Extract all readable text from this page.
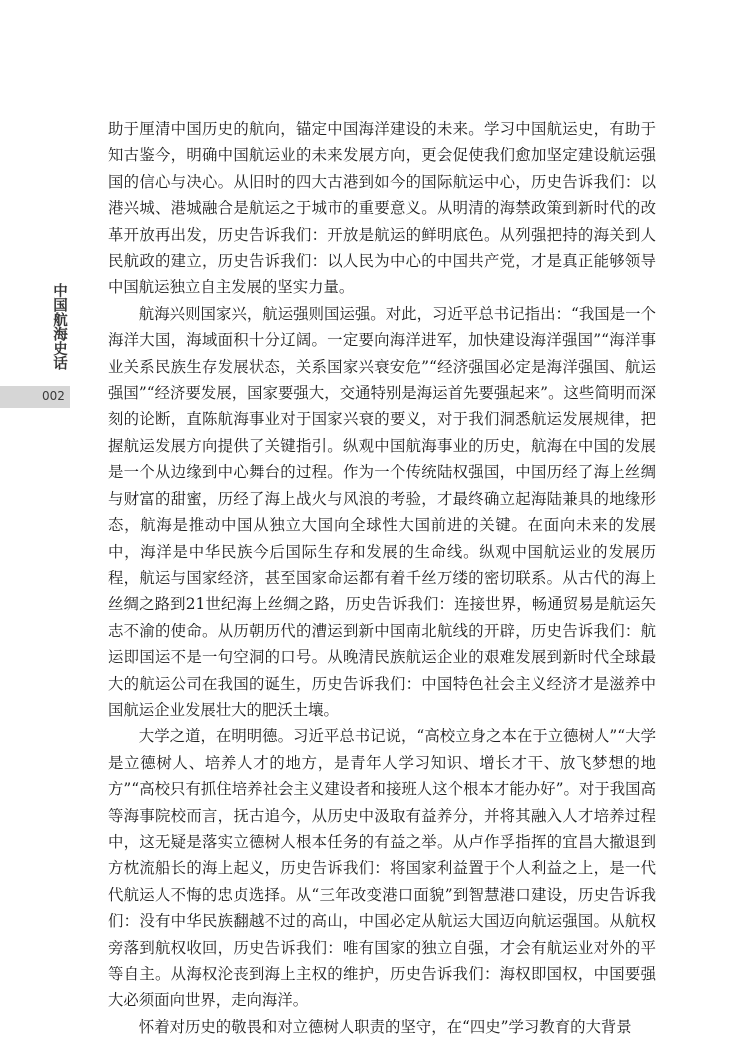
中国航海史话
002

助于厘清中国历史的航向，锚定中国海洋建设的未来。学习中国航运史，有助于知古鉴今，明确中国航运业的未来发展方向，更会促使我们愈加坚定建设航运强国的信心与决心。从旧时的四大古港到如今的国际航运中心，历史告诉我们：以港兴城、港城融合是航运之于城市的重要意义。从明清的海禁政策到新时代的改革开放再出发，历史告诉我们：开放是航运的鲜明底色。从列强把持的海关到人民航政的建立，历史告诉我们：以人民为中心的中国共产党，才是真正能够领导中国航运独立自主发展的坚实力量。

航海兴则国家兴，航运强则国运强。对此，习近平总书记指出：“我国是一个海洋大国，海域面积十分辽阔。一定要向海洋进军，加快建设海洋强国”“海洋事业关系民族生存发展状态，关系国家兴衰安危”“经济强国必定是海洋强国、航运强国”“经济要发展，国家要强大，交通特别是海运首先要强起来”。这些简明而深刻的论断，直陈航海事业对于国家兴衰的要义，对于我们洞悉航运发展规律，把握航运发展方向提供了关键指引。纵观中国航海事业的历史，航海在中国的发展是一个从边缘到中心舞台的过程。作为一个传统陆权强国，中国历经了海上丝绸与财富的甜蜜，历经了海上战火与风浪的考验，才最终确立起海陆兼具的地缘形态，航海是推动中国从独立大国向全球性大国前进的关键。在面向未来的发展中，海洋是中华民族今后国际生存和发展的生命线。纵观中国航运业的发展历程，航运与国家经济，甚至国家命运都有着千丝万缕的密切联系。从古代的海上丝绸之路到21世纪海上丝绸之路，历史告诉我们：连接世界，畅通贸易是航运矢志不渝的使命。从历朝历代的漕运到新中国南北航线的开辟，历史告诉我们：航运即国运不是一句空洞的口号。从晚清民族航运企业的艰难发展到新时代全球最大的航运公司在我国的诞生，历史告诉我们：中国特色社会主义经济才是滋养中国航运企业发展壮大的肥沃土壤。

大学之道，在明明德。习近平总书记说，“高校立身之本在于立德树人”“大学是立德树人、培养人才的地方，是青年人学习知识、增长才干、放飞梦想的地方”“高校只有抓住培养社会主义建设者和接班人这个根本才能办好”。对于我国高等海事院校而言，抚古追今，从历史中汲取有益养分，并将其融入人才培养过程中，这无疑是落实立德树人根本任务的有益之举。从卢作孚指挥的宜昌大撤退到方枕流船长的海上起义，历史告诉我们：将国家利益置于个人利益之上，是一代代航运人不悔的忠贞选择。从“三年改变港口面貌”到智慧港口建设，历史告诉我们：没有中华民族翻越不过的高山，中国必定从航运大国迈向航运强国。从航权旁落到航权收回，历史告诉我们：唯有国家的独立自强，才会有航运业对外的平等自主。从海权沦丧到海上主权的维护，历史告诉我们：海权即国权，中国要强大必须面向世界，走向海洋。

怀着对历史的敬畏和对立德树人职责的坚守，在“四史”学习教育的大背景
